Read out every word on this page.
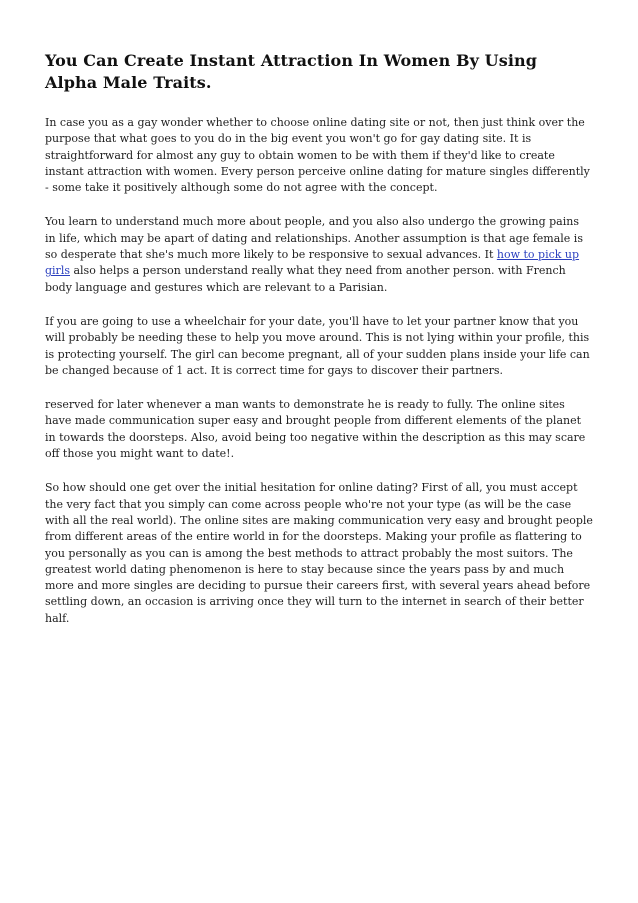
You Can Create Instant Attraction In Women By Using Alpha Male Traits.

In case you as a gay wonder whether to choose online dating site or not, then just think over the purpose that what goes to you do in the big event you won't go for gay dating site. It is straightforward for almost any guy to obtain women to be with them if they'd like to create instant attraction with women. Every person perceive online dating for mature singles differently - some take it positively although some do not agree with the concept.

You learn to understand much more about people, and you also also undergo the growing pains in life, which may be apart of dating and relationships. Another assumption is that age female is so desperate that she's much more likely to be responsive to sexual advances. It how to pick up girls also helps a person understand really what they need from another person. with French body language and gestures which are relevant to a Parisian.

If you are going to use a wheelchair for your date, you'll have to let your partner know that you will probably be needing these to help you move around. This is not lying within your profile, this is protecting yourself. The girl can become pregnant, all of your sudden plans inside your life can be changed because of 1 act. It is correct time for gays to discover their partners.

reserved for later whenever a man wants to demonstrate he is ready to fully. The online sites have made communication super easy and brought people from different elements of the planet in towards the doorsteps. Also, avoid being too negative within the description as this may scare off those you might want to date!.

So how should one get over the initial hesitation for online dating? First of all, you must accept the very fact that you simply can come across people who're not your type (as will be the case with all the real world). The online sites are making communication very easy and brought people from different areas of the entire world in for the doorsteps. Making your profile as flattering to you personally as you can is among the best methods to attract probably the most suitors. The greatest world dating phenomenon is here to stay because since the years pass by and much more and more singles are deciding to pursue their careers first, with several years ahead before settling down, an occasion is arriving once they will turn to the internet in search of their better half.
